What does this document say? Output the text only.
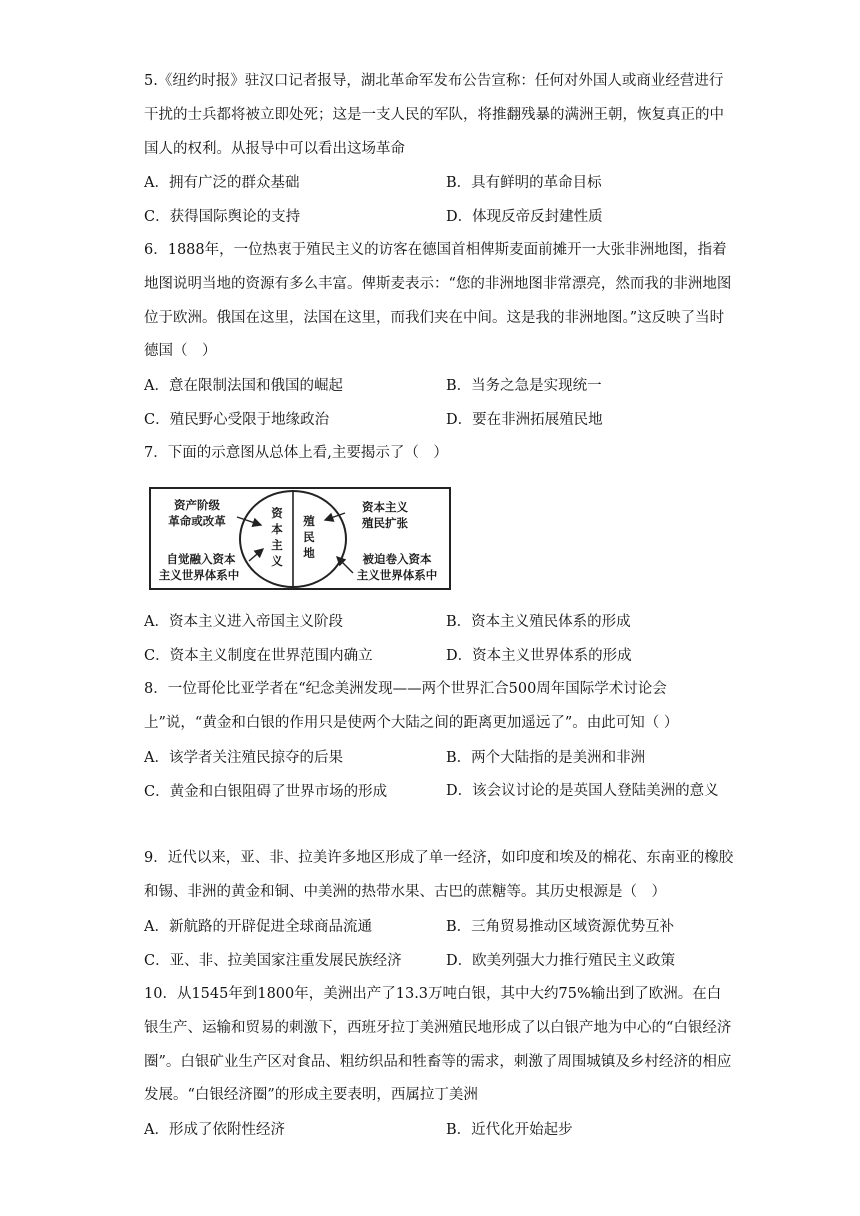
5.《纽约时报》驻汉口记者报导，湖北革命军发布公告宣称：任何对外国人或商业经营进行干扰的士兵都将被立即处死；这是一支人民的军队，将推翻残暴的满洲王朝，恢复真正的中国人的权利。从报导中可以看出这场革命

A．拥有广泛的群众基础	B．具有鲜明的革命目标
C．获得国际舆论的支持	D．体现反帝反封建性质

6．1888年，一位热衷于殖民主义的访客在德国首相俾斯麦面前摊开一大张非洲地图，指着地图说明当地的资源有多么丰富。俾斯麦表示：“您的非洲地图非常漂亮，然而我的非洲地图位于欧洲。俄国在这里，法国在这里，而我们夹在中间。这是我的非洲地图。”这反映了当时德国（　）

A．意在限制法国和俄国的崛起	B．当务之急是实现统一
C．殖民野心受限于地缘政治	D．要在非洲拓展殖民地

7．下面的示意图从总体上看,主要揭示了（　）

资产阶级
革命或改革
自觉融入资本
主义世界体系中
资本主义
殖民扩张
被迫卷入资本
主义世界体系中
资
本
主
义
殖
民
地
A．资本主义进入帝国主义阶段	B．资本主义殖民体系的形成
C．资本主义制度在世界范围内确立	D．资本主义世界体系的形成

8．一位哥伦比亚学者在“纪念美洲发现——两个世界汇合500周年国际学术讨论会上”说，“黄金和白银的作用只是使两个大陆之间的距离更加遥远了”。由此可知（ ）

A．该学者关注殖民掠夺的后果	B．两个大陆指的是美洲和非洲
C．黄金和白银阻碍了世界市场的形成	D．该会议讨论的是英国人登陆美洲的意义

9．近代以来，亚、非、拉美许多地区形成了单一经济，如印度和埃及的棉花、东南亚的橡胶和锡、非洲的黄金和铜、中美洲的热带水果、古巴的蔗糖等。其历史根源是（　）

A．新航路的开辟促进全球商品流通	B．三角贸易推动区域资源优势互补
C．亚、非、拉美国家注重发展民族经济	D．欧美列强大力推行殖民主义政策

10．从1545年到1800年，美洲出产了13.3万吨白银，其中大约75%输出到了欧洲。在白银生产、运输和贸易的刺激下，西班牙拉丁美洲殖民地形成了以白银产地为中心的“白银经济圈”。白银矿业生产区对食品、粗纺织品和牲畜等的需求，刺激了周围城镇及乡村经济的相应发展。“白银经济圈”的形成主要表明，西属拉丁美洲

A．形成了依附性经济	B．近代化开始起步
